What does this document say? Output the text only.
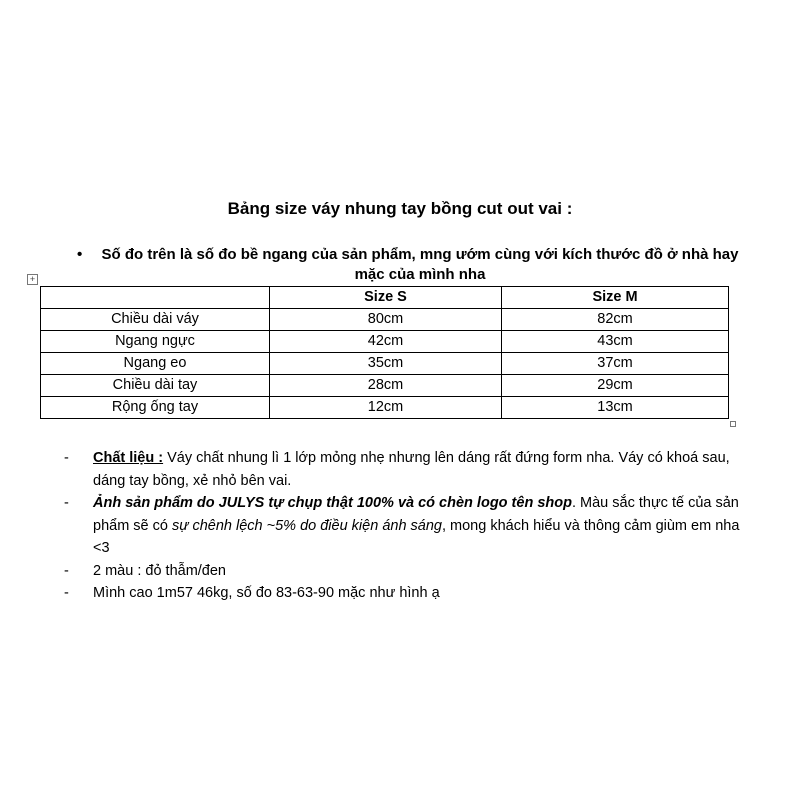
Bảng size váy nhung tay bồng cut out vai :
•	Số đo trên là số đo bề ngang của sản phẩm, mng ướm cùng với kích thước đồ ở nhà hay mặc của mình nha
+
	Size S	Size M
Chiều dài váy	80cm	82cm
Ngang ngực	42cm	43cm
Ngang eo	35cm	37cm
Chiều dài tay	28cm	29cm
Rộng ống tay	12cm	13cm
- Chất liệu : Váy chất nhung lì 1 lớp mỏng nhẹ nhưng lên dáng rất đứng form nha. Váy có khoá sau, dáng tay bồng, xẻ nhỏ bên vai.
- Ảnh sản phẩm do JULYS tự chụp thật 100% và có chèn logo tên shop. Màu sắc thực tế của sản phẩm sẽ có sự chênh lệch ~5% do điều kiện ánh sáng, mong khách hiểu và thông cảm giùm em nha <3
- 2 màu : đỏ thẫm/đen
- Mình cao 1m57 46kg, số đo 83-63-90 mặc như hình ạ
